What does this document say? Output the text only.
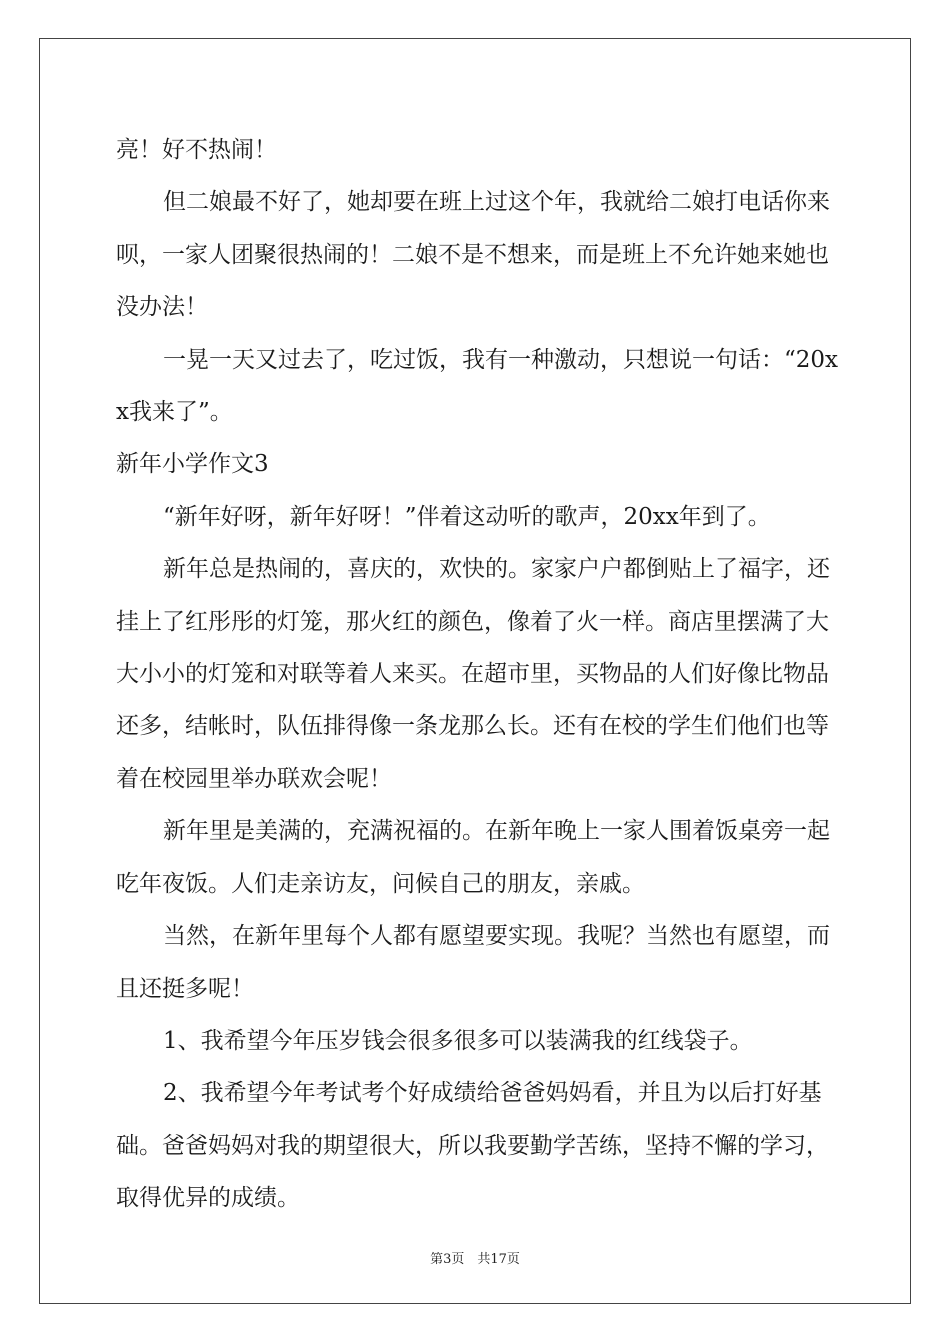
亮！好不热闹！

但二娘最不好了，她却要在班上过这个年，我就给二娘打电话你来呗，一家人团聚很热闹的！二娘不是不想来，而是班上不允许她来她也没办法！

一晃一天又过去了，吃过饭，我有一种激动，只想说一句话：“20xx我来了”。

新年小学作文3

“新年好呀，新年好呀！”伴着这动听的歌声，20xx年到了。

新年总是热闹的，喜庆的，欢快的。家家户户都倒贴上了福字，还挂上了红彤彤的灯笼，那火红的颜色，像着了火一样。商店里摆满了大大小小的灯笼和对联等着人来买。在超市里，买物品的人们好像比物品还多，结帐时，队伍排得像一条龙那么长。还有在校的学生们他们也等着在校园里举办联欢会呢！

新年里是美满的，充满祝福的。在新年晚上一家人围着饭桌旁一起吃年夜饭。人们走亲访友，问候自己的朋友，亲戚。

当然，在新年里每个人都有愿望要实现。我呢？当然也有愿望，而且还挺多呢！

1、我希望今年压岁钱会很多很多可以装满我的红线袋子。

2、我希望今年考试考个好成绩给爸爸妈妈看，并且为以后打好基础。爸爸妈妈对我的期望很大，所以我要勤学苦练，坚持不懈的学习，取得优异的成绩。

第3页　共17页
